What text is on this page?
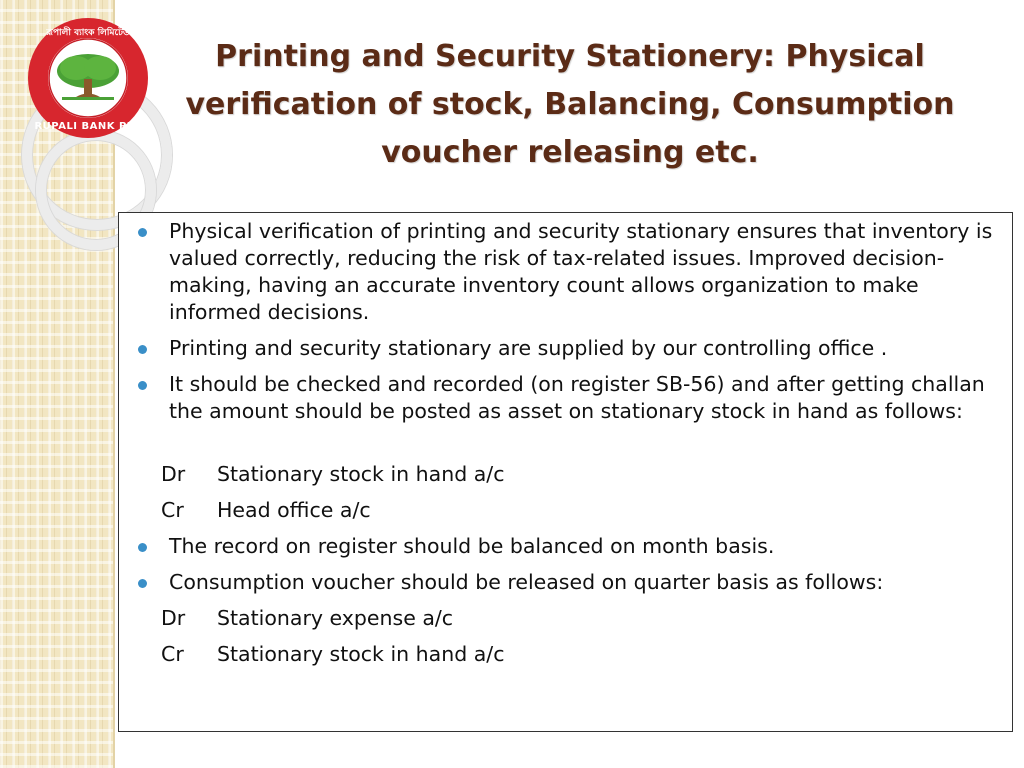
RUPALI BANK PLC
রূপালী ব্যাংক লিমিটেড
Printing and Security Stationery: Physical verification of stock, Balancing, Consumption voucher releasing etc.
Physical verification of printing and security stationary ensures that inventory is valued correctly, reducing the risk of tax-related issues. Improved decision-making, having an accurate inventory count allows organization to make informed decisions.
Printing and security stationary are supplied by our controlling office .
It should be checked and recorded (on register SB-56) and after getting challan the amount should be posted as asset on stationary stock in hand as follows:
Dr Stationary stock in hand a/c
Cr Head office a/c
The record on register should be balanced on month basis.
Consumption voucher should be released on quarter basis as follows:
Dr Stationary expense a/c
Cr Stationary stock in hand a/c
